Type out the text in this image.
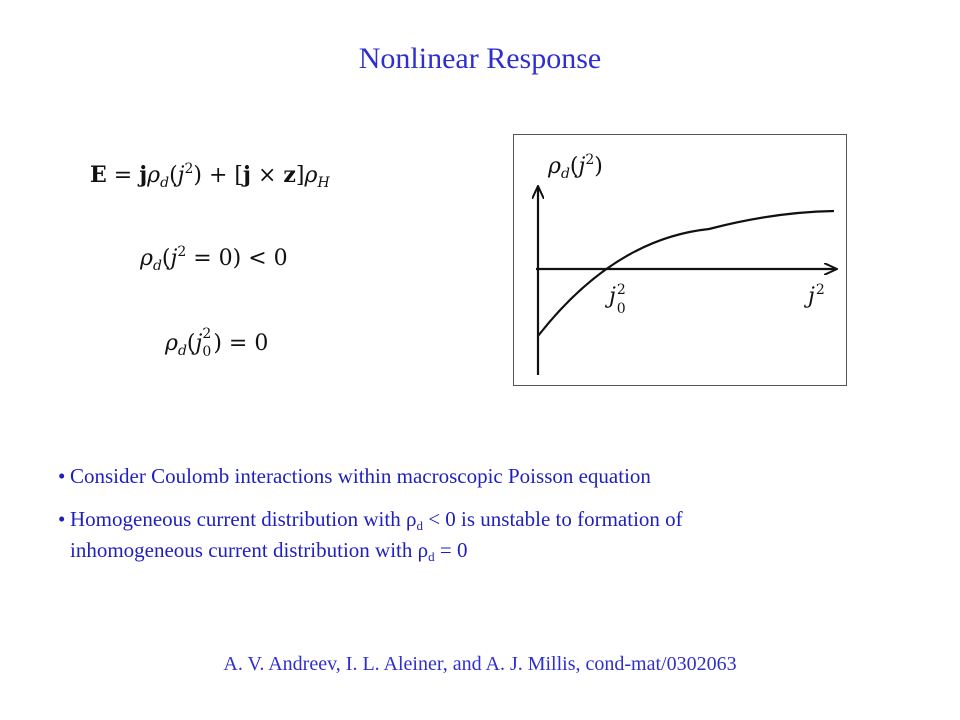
Nonlinear Response
$E = j\rho_d(j^2) + [j \times z]\rho_H$
$\rho_d(j^2 = 0) < 0$
$\rho_d(j$ 2
0 ) = 0
$\rho_d(j^2)$
$j^2$ 0	$j^2$
• Consider Coulomb interactions within macroscopic Poisson equation
• Homogeneous current distribution with ρd < 0 is unstable to formation of
inhomogeneous current distribution with ρd = 0
A. V. Andreev, I. L. Aleiner, and A. J. Millis, cond-mat/0302063
